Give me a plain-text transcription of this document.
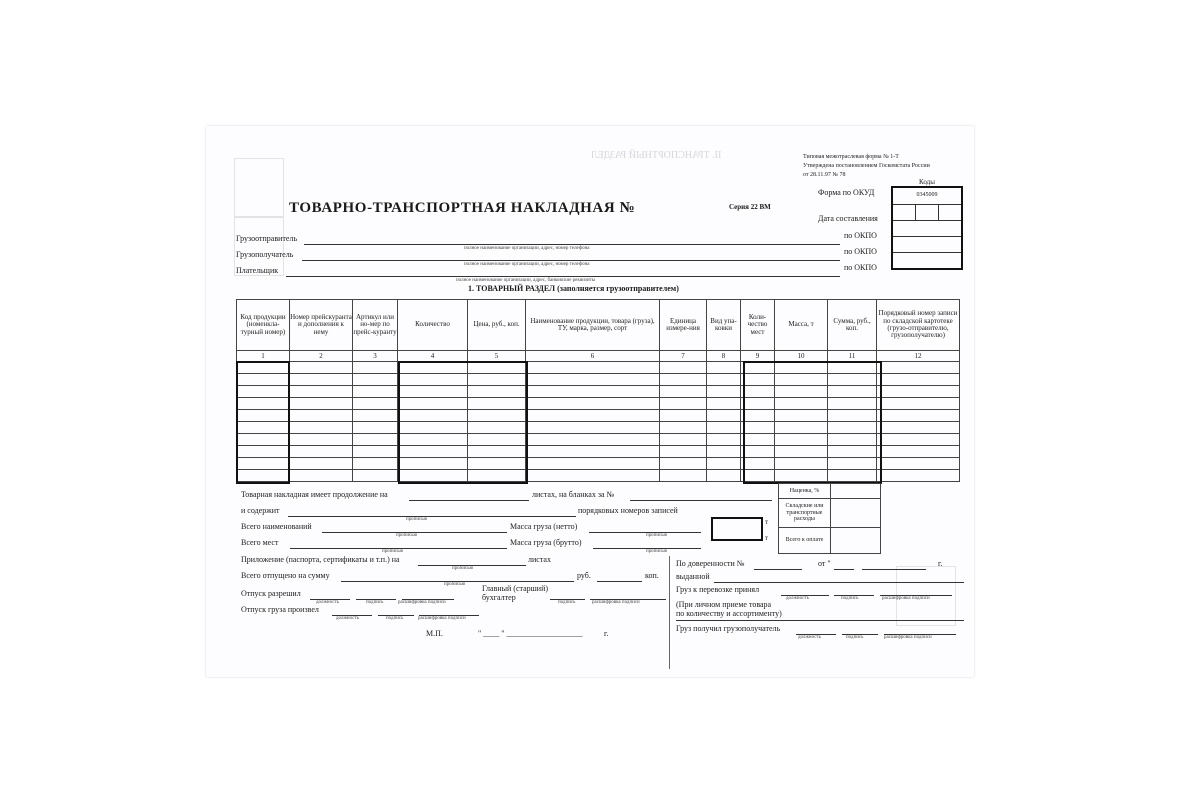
II. ТРАНСПОРТНЫЙ РАЗДЕЛ	Типовая межотраслевая форма № 1-Т
Утверждена постановлением Госкомстата России
от 28.11.97 № 78
ТОВАРНО-ТРАНСПОРТНАЯ НАКЛАДНАЯ №	Серия 22 ВМ
Коды
0345009
Форма по ОКУД
Дата составления
по ОКПО
по ОКПО
по ОКПО
Грузоотправитель
полное наименование организации, адрес, номер телефона
Грузополучатель
полное наименование организации, адрес, номер телефона
Плательщик
полное наименование организации, адрес, банковские реквизиты
1. ТОВАРНЫЙ РАЗДЕЛ (заполняется грузоотправителем)
Код продукции (номенкла-турный номер)	Номер прейскуранта и дополнения к нему	Артикул или но-мер по прейс-куранту	Количество	Цена, руб., коп.	Наименование продукции, товара (груза), ТУ, марка, размер, сорт	Единица измере-ния	Вид упа-ковки	Коли-чество мест	Масса, т	Сумма, руб., коп.	Порядковый номер записи по складской картотеке (грузо-отправителю, грузополучателю)
1	2	3	4	5	6	7	8	9	10	11	12

Наценка, %	
Складские или транспортные расходы	
Всего к оплате	
Товарная накладная имеет продолжение на	листах, на бланках за №
и содержит	порядковых номеров записей
прописью
Всего наименований
прописью
Масса груза (нетто)
прописью
т
т
Всего мест
прописью
Масса груза (брутто)
прописью
Приложение (паспорта, сертификаты и т.п.) на
прописью
листах
Всего отпущено на сумму
прописью
руб.	коп.
Отпуск разрешил
должность	подпись	расшифровка подписи
Главный (старший)
бухгалтер
подпись	расшифровка подписи
Отпуск груза произвел
должность	подпись	расшифровка подписи
М.П.	" ____ " ___________________	г.
По доверенности №	от "	г.
выданной
Груз к перевозке принял
должность	подпись	расшифровка подписи
(При личном приеме товара
по количеству и ассортименту)
Груз получил грузополучатель
должность	подпись	расшифровка подписи
